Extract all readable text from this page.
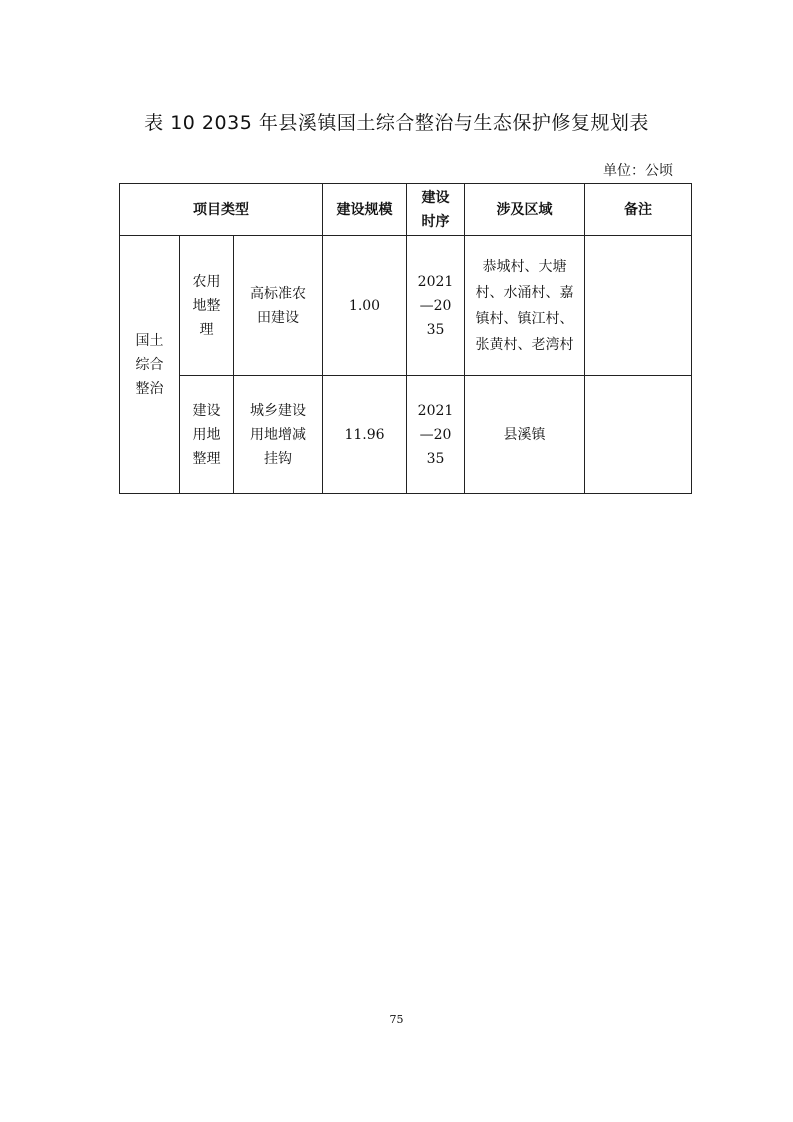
表 10 2035 年县溪镇国土综合整治与生态保护修复规划表
单位：公顷
项目类型			建设规模	建设时序	涉及区域	备注
国土综合整治	农用地整理	高标准农田建设	1.00	2021—2035	恭城村、大塘村、水涌村、嘉镇村、镇江村、张黄村、老湾村	
	建设用地整理	城乡建设用地增减挂钩	11.96	2021—2035	县溪镇	
75
